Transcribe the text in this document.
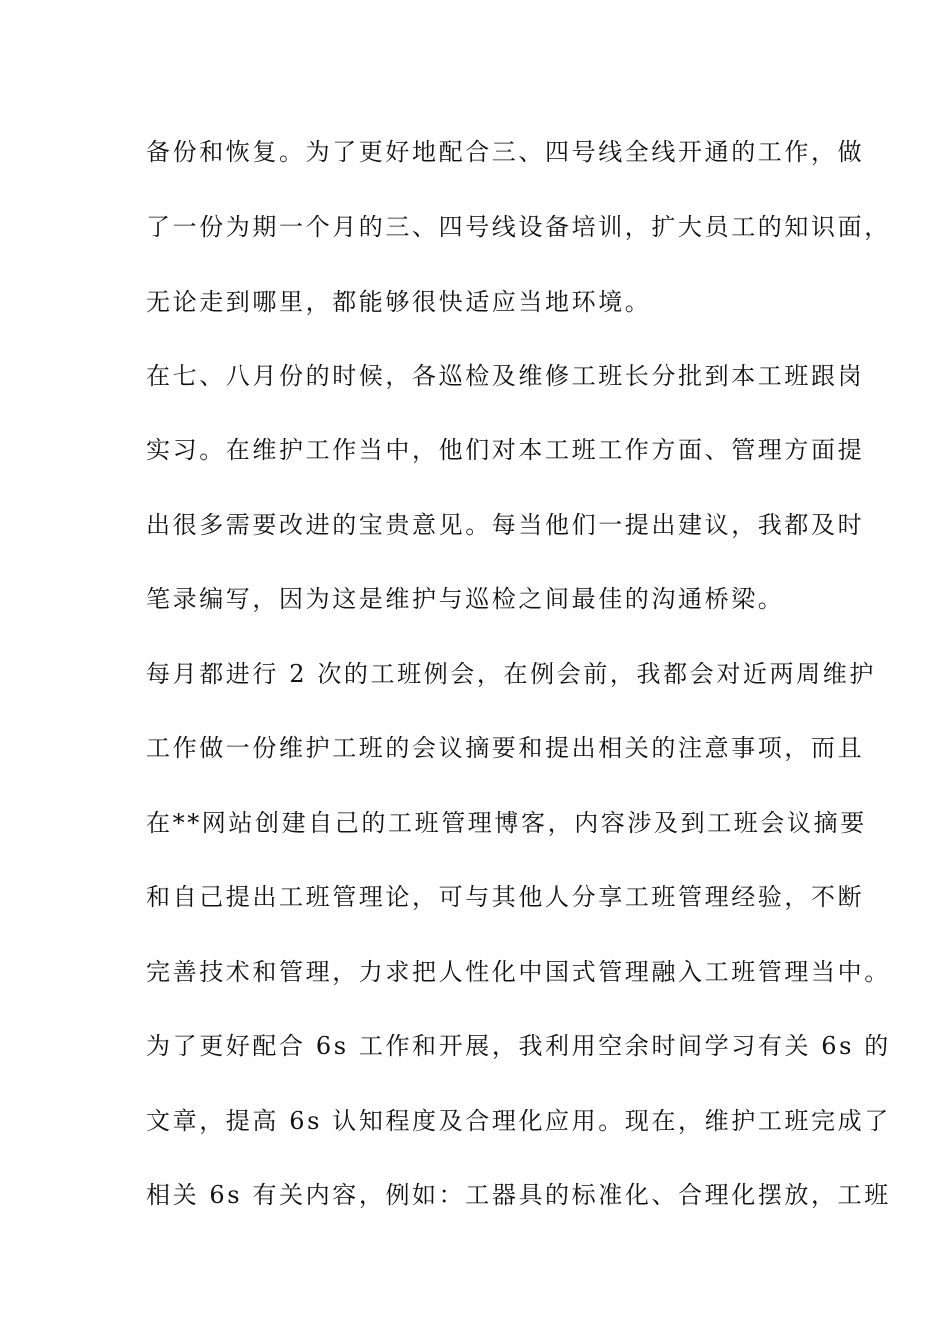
备份和恢复。为了更好地配合三、四号线全线开通的工作，做
了一份为期一个月的三、四号线设备培训，扩大员工的知识面，
无论走到哪里，都能够很快适应当地环境。
在七、八月份的时候，各巡检及维修工班长分批到本工班跟岗
实习。在维护工作当中，他们对本工班工作方面、管理方面提
出很多需要改进的宝贵意见。每当他们一提出建议，我都及时
笔录编写，因为这是维护与巡检之间最佳的沟通桥梁。
每月都进行 2 次的工班例会，在例会前，我都会对近两周维护
工作做一份维护工班的会议摘要和提出相关的注意事项，而且
在**网站创建自己的工班管理博客，内容涉及到工班会议摘要
和自己提出工班管理论，可与其他人分享工班管理经验，不断
完善技术和管理，力求把人性化中国式管理融入工班管理当中。
为了更好配合 6s 工作和开展，我利用空余时间学习有关 6s 的
文章，提高 6s 认知程度及合理化应用。现在，维护工班完成了
相关 6s 有关内容，例如：工器具的标准化、合理化摆放，工班
